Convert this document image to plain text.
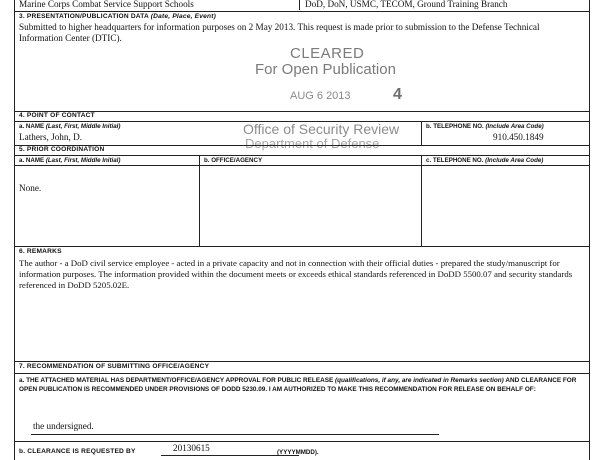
Marine Corps Combat Service Support Schools	DoD, DoN, USMC, TECOM, Ground Training Branch
3. PRESENTATION/PUBLICATION DATA (Date, Place, Event)
Submitted to higher headquarters for information purposes on 2 May 2013. This request is made prior to submission to the Defense Technical
Information Center (DTIC).
CLEARED
For Open Publication
AUG 6 2013	4
4. POINT OF CONTACT
a. NAME (Last, First, Middle Initial)
Lathers, John, D.
b. TELEPHONE NO. (Include Area Code)
910.450.1849
Office of Security Review
Department of Defense
5. PRIOR COORDINATION
a. NAME (Last, First, Middle Initial)	b. OFFICE/AGENCY	c. TELEPHONE NO. (Include Area Code)
None.
6. REMARKS
The author - a DoD civil service employee - acted in a private capacity and not in connection with their official duties - prepared the study/manuscript for information purposes. The information provided within the document meets or exceeds ethical standards referenced in DoDD 5500.07 and security standards referenced in DoDD 5205.02E.
7. RECOMMENDATION OF SUBMITTING OFFICE/AGENCY
a. THE ATTACHED MATERIAL HAS DEPARTMENT/OFFICE/AGENCY APPROVAL FOR PUBLIC RELEASE (qualifications, if any, are indicated in Remarks section) AND CLEARANCE FOR OPEN PUBLICATION IS RECOMMENDED UNDER PROVISIONS OF DODD 5230.09. I AM AUTHORIZED TO MAKE THIS RECOMMENDATION FOR RELEASE ON BEHALF OF:
the undersigned.
b. CLEARANCE IS REQUESTED BY	20130615	(YYYYMMDD).
